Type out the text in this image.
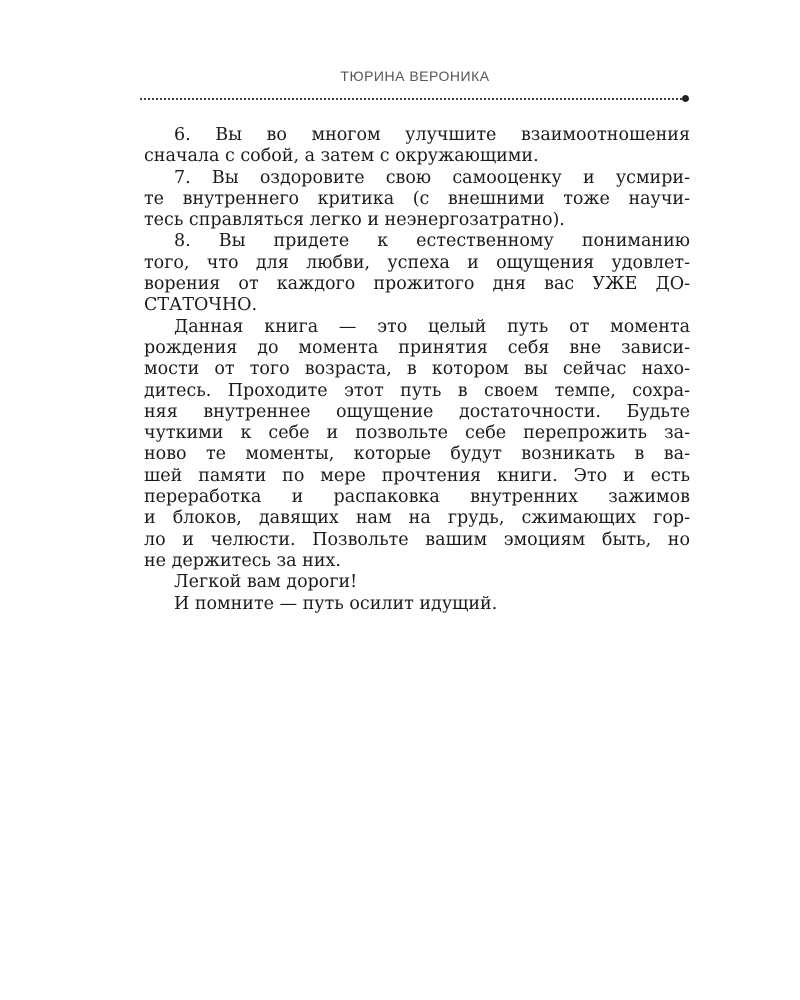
ТЮРИНА ВЕРОНИКА
6. Вы во многом улучшите взаимоотношения
сначала с собой, а затем с окружающими.
7. Вы оздоровите свою самооценку и усмири-
те внутреннего критика (с внешними тоже научи-
тесь справляться легко и неэнергозатратно).
8. Вы придете к естественному пониманию
того, что для любви, успеха и ощущения удовлет-
ворения от каждого прожитого дня вас УЖЕ ДО-
СТАТОЧНО.
Данная книга — это целый путь от момента
рождения до момента принятия себя вне зависи-
мости от того возраста, в котором вы сейчас нахо-
дитесь. Проходите этот путь в своем темпе, сохра-
няя внутреннее ощущение достаточности. Будьте
чуткими к себе и позвольте себе перепрожить за-
ново те моменты, которые будут возникать в ва-
шей памяти по мере прочтения книги. Это и есть
переработка и распаковка внутренних зажимов
и блоков, давящих нам на грудь, сжимающих гор-
ло и челюсти. Позвольте вашим эмоциям быть, но
не держитесь за них.
Легкой вам дороги!
И помните — путь осилит идущий.
